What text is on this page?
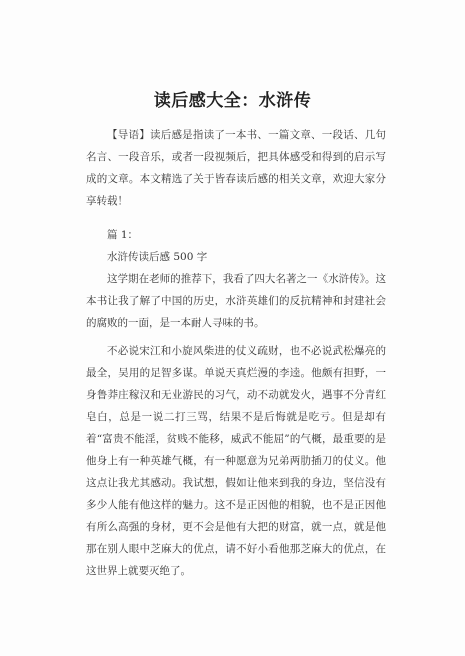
读后感大全：水浒传
【导语】读后感是指读了一本书、一篇文章、一段话、几句名言、一段音乐，或者一段视频后，把具体感受和得到的启示写成的文章。本文精选了关于皆春读后感的相关文章，欢迎大家分享转载！
篇 1：
水浒传读后感 500 字
这学期在老师的推荐下，我看了四大名著之一《水浒传》。这本书让我了解了中国的历史，水浒英雄们的反抗精神和封建社会的腐败的一面，是一本耐人寻味的书。
不必说宋江和小旋风柴进的仗义疏财，也不必说武松爆亮的最全，吴用的足智多谋。单说天真烂漫的李逵。他颇有担野，一身鲁莽庄稼汉和无业游民的习气，动不动就发火，遇事不分青红皂白，总是一说二打三骂，结果不是后悔就是吃亏。但是却有着“富贵不能淫，贫贱不能移，威武不能屈”的气概，最重要的是他身上有一种英雄气概，有一种愿意为兄弟两肋插刀的仗义。他这点让我尤其感动。我试想，假如让他来到我的身边，坚信没有多少人能有他这样的魅力。这不是正因他的相貌，也不是正因他有所么高强的身材，更不会是他有大把的财富，就一点，就是他那在别人眼中芝麻大的优点，请不好小看他那芝麻大的优点，在这世界上就要灭绝了。
